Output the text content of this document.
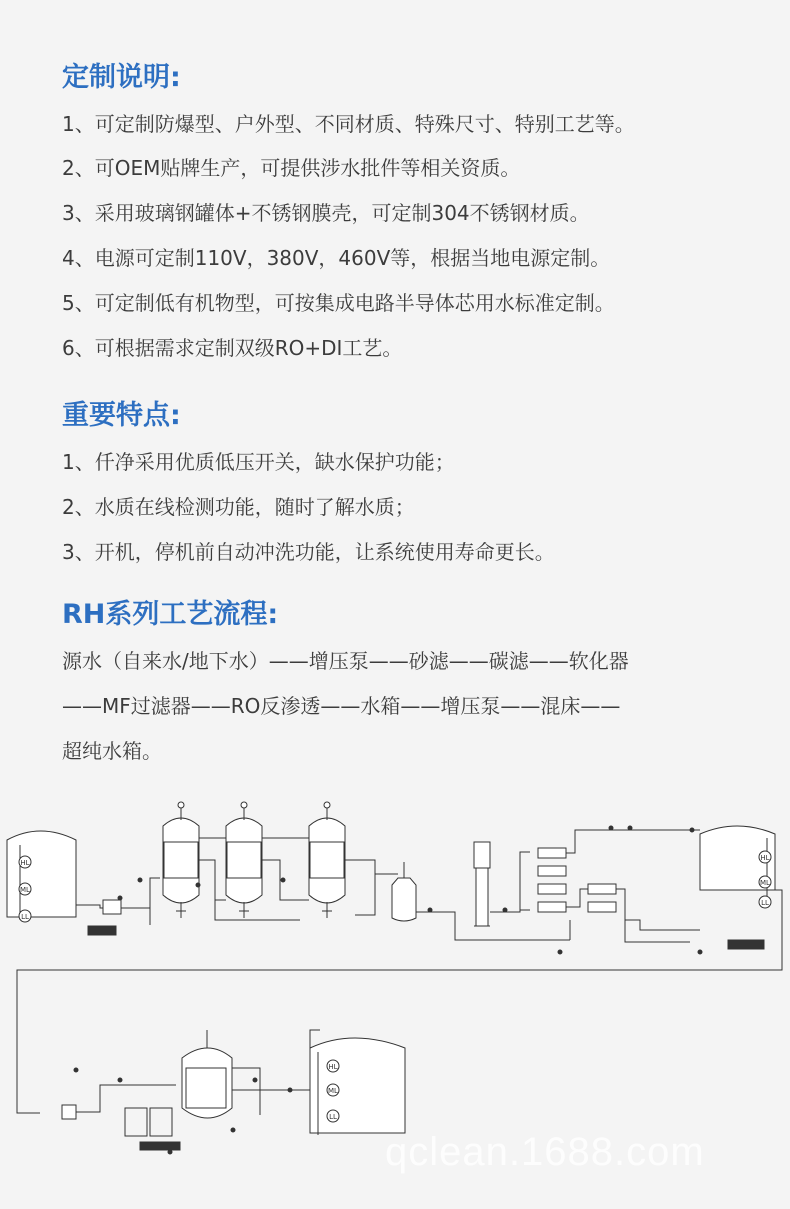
定制说明:

1、可定制防爆型、户外型、不同材质、特殊尺寸、特别工艺等。

2、可OEM贴牌生产，可提供涉水批件等相关资质。

3、采用玻璃钢罐体+不锈钢膜壳，可定制304不锈钢材质。

4、电源可定制110V，380V，460V等，根据当地电源定制。

5、可定制低有机物型，可按集成电路半导体芯用水标准定制。

6、可根据需求定制双级RO+DI工艺。

重要特点:

1、仟净采用优质低压开关，缺水保护功能；

2、水质在线检测功能，随时了解水质；

3、开机，停机前自动冲洗功能，让系统使用寿命更长。

RH系列工艺流程:

源水（自来水/地下水）——增压泵——砂滤——碳滤——软化器

——MF过滤器——RO反渗透——水箱——增压泵——混床——

超纯水箱。

HL
ML
LL
HL
ML
LL
HL
ML
LL
qclean.1688.com
